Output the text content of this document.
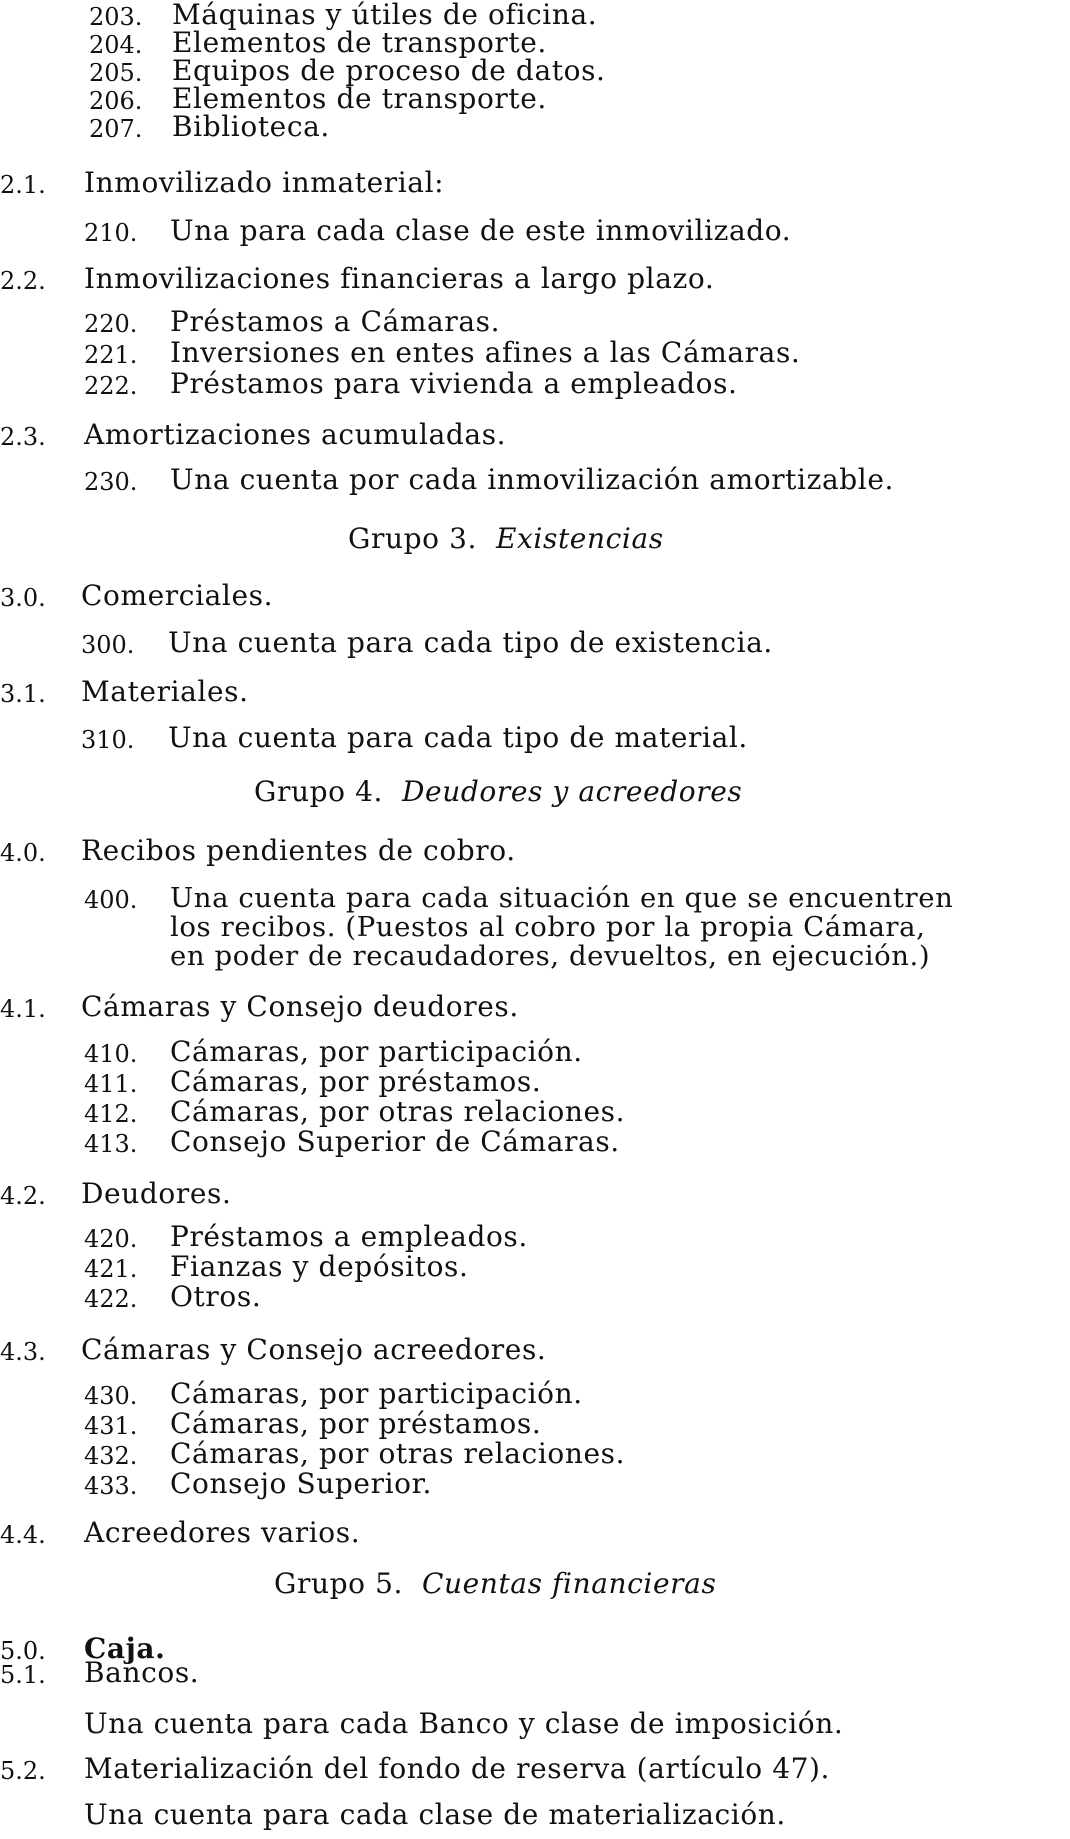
203. Máquinas y útiles de oficina.
204. Elementos de transporte.
205. Equipos de proceso de datos.
206. Elementos de transporte.
207. Biblioteca.
2.1. Inmovilizado inmaterial:
210. Una para cada clase de este inmovilizado.
2.2. Inmovilizaciones financieras a largo plazo.
220. Préstamos a Cámaras.
221. Inversiones en entes afines a las Cámaras.
222. Préstamos para vivienda a empleados.
2.3. Amortizaciones acumuladas.
230. Una cuenta por cada inmovilización amortizable.
Grupo 3. Existencias
3.0. Comerciales.
300. Una cuenta para cada tipo de existencia.
3.1. Materiales.
310. Una cuenta para cada tipo de material.
Grupo 4. Deudores y acreedores
4.0. Recibos pendientes de cobro.
400. Una cuenta para cada situación en que se encuentren
los recibos. (Puestos al cobro por la propia Cámara,
en poder de recaudadores, devueltos, en ejecución.)
4.1. Cámaras y Consejo deudores.
410. Cámaras, por participación.
411. Cámaras, por préstamos.
412. Cámaras, por otras relaciones.
413. Consejo Superior de Cámaras.
4.2. Deudores.
420. Préstamos a empleados.
421. Fianzas y depósitos.
422. Otros.
4.3. Cámaras y Consejo acreedores.
430. Cámaras, por participación.
431. Cámaras, por préstamos.
432. Cámaras, por otras relaciones.
433. Consejo Superior.
4.4. Acreedores varios.
Grupo 5. Cuentas financieras
5.0. Caja.
5.1. Bancos.
Una cuenta para cada Banco y clase de imposición.
5.2. Materialización del fondo de reserva (artículo 47).
Una cuenta para cada clase de materialización.
